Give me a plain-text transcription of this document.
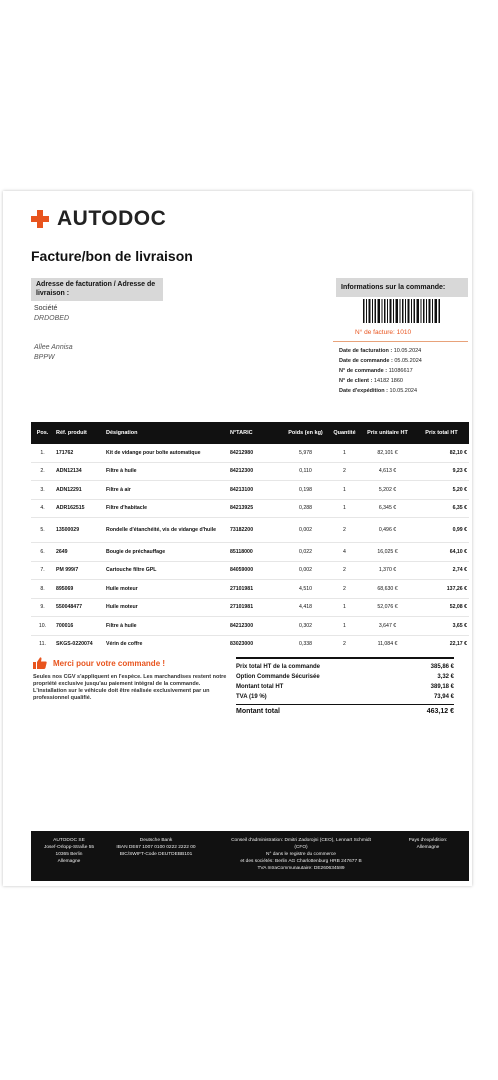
AUTODOC
Facture/bon de livraison
Adresse de facturation / Adresse de livraison :
Société
DRDOBED
Allee Annisa
BPPW
Informations sur la commande:
N° de facture: 1010
Date de facturation : 10.05.2024
Date de commande : 05.05.2024
N° de commande : 11086617
N° de client : 14182 1860
Date d'expédition : 10.05.2024
Pos.	Réf. produit	Désignation	N°TARIC	Poids (en kg)	Quantité	Prix unitaire HT	Prix total HT
1.	171762	Kit de vidange pour boîte automatique	84212980	5,978	1	82,101 €	82,10 €
2.	ADN12134	Filtre à huile	84212300	0,110	2	4,613 €	9,23 €
3.	ADN12291	Filtre à air	84213100	0,198	1	5,202 €	5,20 €
4.	ADR162515	Filtre d'habitacle	84213925	0,288	1	6,345 €	6,35 €
5.	13500029	Rondelle d'étanchéité, vis de vidange d'huile	73182200	0,002	2	0,496 €	0,99 €
6.	2649	Bougie de préchauffage	85118000	0,022	4	16,025 €	64,10 €
7.	PM 999/7	Cartouche filtre GPL	84059000	0,002	2	1,370 €	2,74 €
8.	895069	Huile moteur	27101981	4,510	2	68,630 €	137,26 €
9.	550048477	Huile moteur	27101981	4,418	1	52,076 €	52,08 €
10.	700016	Filtre à huile	84212300	0,302	1	3,647 €	3,65 €
11.	SKGS-0220074	Vérin de coffre	83023000	0,338	2	11,084 €	22,17 €
Merci pour votre commande !
Seules nos CGV s'appliquent en l'espèce. Les marchandises restent notre propriété exclusive jusqu'au paiement intégral de la commande. L'installation sur le véhicule doit être réalisée exclusivement par un professionnel qualifié.
Prix total HT de la commande	385,86 €
Option Commande Sécurisée	3,32 €
Montant total HT	389,18 €
TVA (19 %)	73,94 €
Montant total	463,12 €
AUTODOC SE
Josef-Orlopp-Straße 55
10365 Berlin
Allemagne
Deutsche Bank
IBAN DE67 1007 0100 0222 2222 00
BIC/SWIFT-Code DEUTDEBB101
Conseil d'administration: Dmitri Zadorojni (CEO), Lennart Schmidt
(CFO)
N° dans le registre du commerce
et des sociétés: Berlin AG Charlottenburg HRB 247677 B
TVA IntraCommunautaire: DE260634589
Pays d'expédition:
Allemagne
